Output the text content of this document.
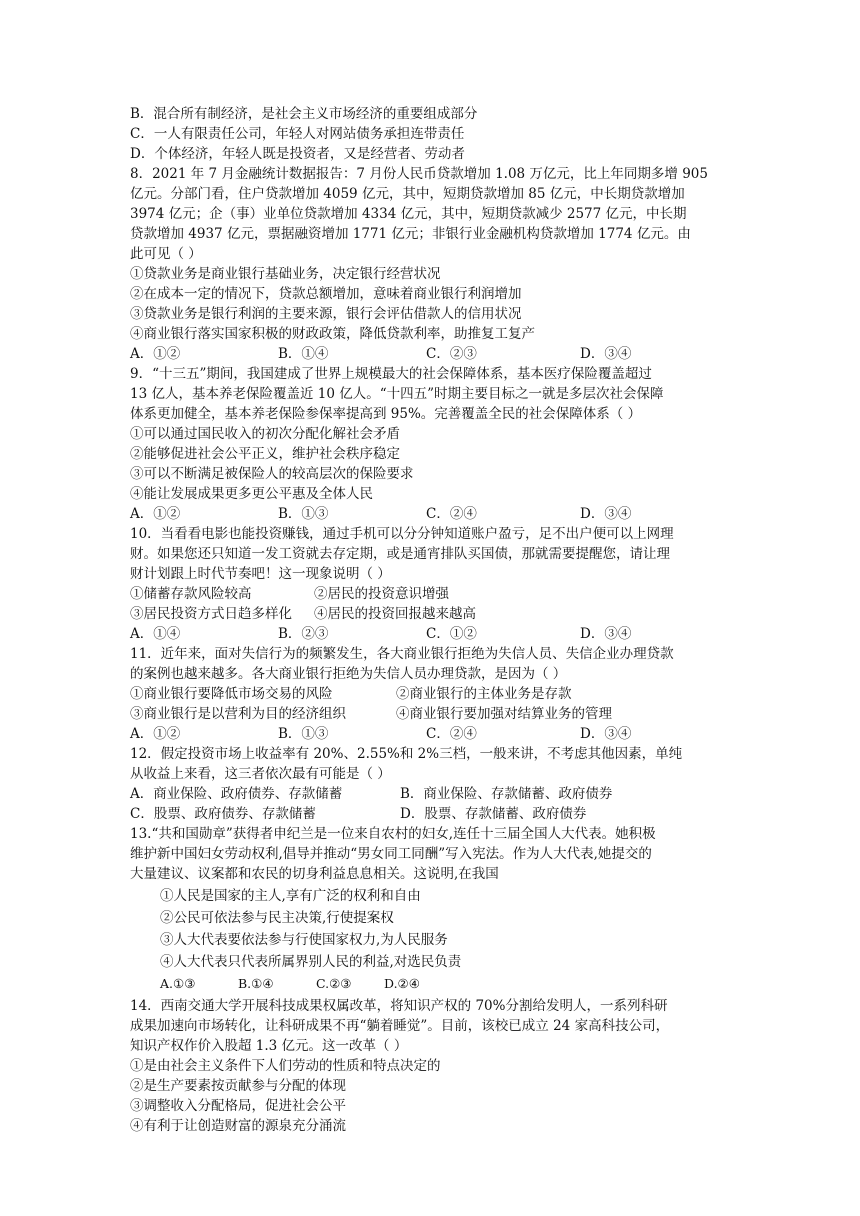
B．混合所有制经济，是社会主义市场经济的重要组成部分
C．一人有限责任公司，年轻人对网站债务承担连带责任
D．个体经济，年轻人既是投资者，又是经营者、劳动者
8．2021 年 7 月金融统计数据报告：7 月份人民币贷款增加 1.08 万亿元，比上年同期多增 905
亿元。分部门看，住户贷款增加 4059 亿元，其中，短期贷款增加 85 亿元，中长期贷款增加
3974 亿元；企（事）业单位贷款增加 4334 亿元，其中，短期贷款减少 2577 亿元，中长期
贷款增加 4937 亿元，票据融资增加 1771 亿元；非银行业金融机构贷款增加 1774 亿元。由
此可见（ ）
①贷款业务是商业银行基础业务，决定银行经营状况
②在成本一定的情况下，贷款总额增加，意味着商业银行利润增加
③贷款业务是银行利润的主要来源，银行会评估借款人的信用状况
④商业银行落实国家积极的财政政策，降低贷款利率，助推复工复产
A．①②	B．①④	C．②③	D．③④
9．“十三五”期间，我国建成了世界上规模最大的社会保障体系，基本医疗保险覆盖超过
13 亿人，基本养老保险覆盖近 10 亿人。“十四五”时期主要目标之一就是多层次社会保障
体系更加健全，基本养老保险参保率提高到 95%。完善覆盖全民的社会保障体系（ ）
①可以通过国民收入的初次分配化解社会矛盾
②能够促进社会公平正义，维护社会秩序稳定
③可以不断满足被保险人的较高层次的保险要求
④能让发展成果更多更公平惠及全体人民
A．①②	B．①③	C．②④	D．③④
10．当看看电影也能投资赚钱，通过手机可以分分钟知道账户盈亏，足不出户便可以上网理
财。如果您还只知道一发工资就去存定期，或是通宵排队买国债，那就需要提醒您，请让理
财计划跟上时代节奏吧！这一现象说明（ ）
①储蓄存款风险较高	②居民的投资意识增强
③居民投资方式日趋多样化 ④居民的投资回报越来越高
A．①④	B．②③	C．①②	D．③④
11．近年来，面对失信行为的频繁发生，各大商业银行拒绝为失信人员、失信企业办理贷款
的案例也越来越多。各大商业银行拒绝为失信人员办理贷款，是因为（ ）
①商业银行要降低市场交易的风险	②商业银行的主体业务是存款
③商业银行是以营利为目的经济组织	④商业银行要加强对结算业务的管理
A．①②	B．①③	C．②④	D．③④
12．假定投资市场上收益率有 20%、2.55%和 2%三档，一般来讲，不考虑其他因素，单纯
从收益上来看，这三者依次最有可能是（ ）
A．商业保险、政府债券、存款储蓄	B．商业保险、存款储蓄、政府债券
C．股票、政府债券、存款储蓄	D．股票、存款储蓄、政府债券
13.“共和国勋章”获得者申纪兰是一位来自农村的妇女,连任十三届全国人大代表。她积极
维护新中国妇女劳动权利,倡导并推动“男女同工同酬”写入宪法。作为人大代表,她提交的
大量建议、议案都和农民的切身利益息息相关。这说明,在我国
①人民是国家的主人,享有广泛的权利和自由
②公民可依法参与民主决策,行使提案权
③人大代表要依法参与行使国家权力,为人民服务
④人大代表只代表所属界别人民的利益,对选民负责
A.①③	B.①④	C.②③	D.②④
14．西南交通大学开展科技成果权属改革，将知识产权的 70%分割给发明人，一系列科研
成果加速向市场转化，让科研成果不再“躺着睡觉”。目前，该校已成立 24 家高科技公司，
知识产权作价入股超 1.3 亿元。这一改革（ ）
①是由社会主义条件下人们劳动的性质和特点决定的
②是生产要素按贡献参与分配的体现
③调整收入分配格局，促进社会公平
④有利于让创造财富的源泉充分涌流
